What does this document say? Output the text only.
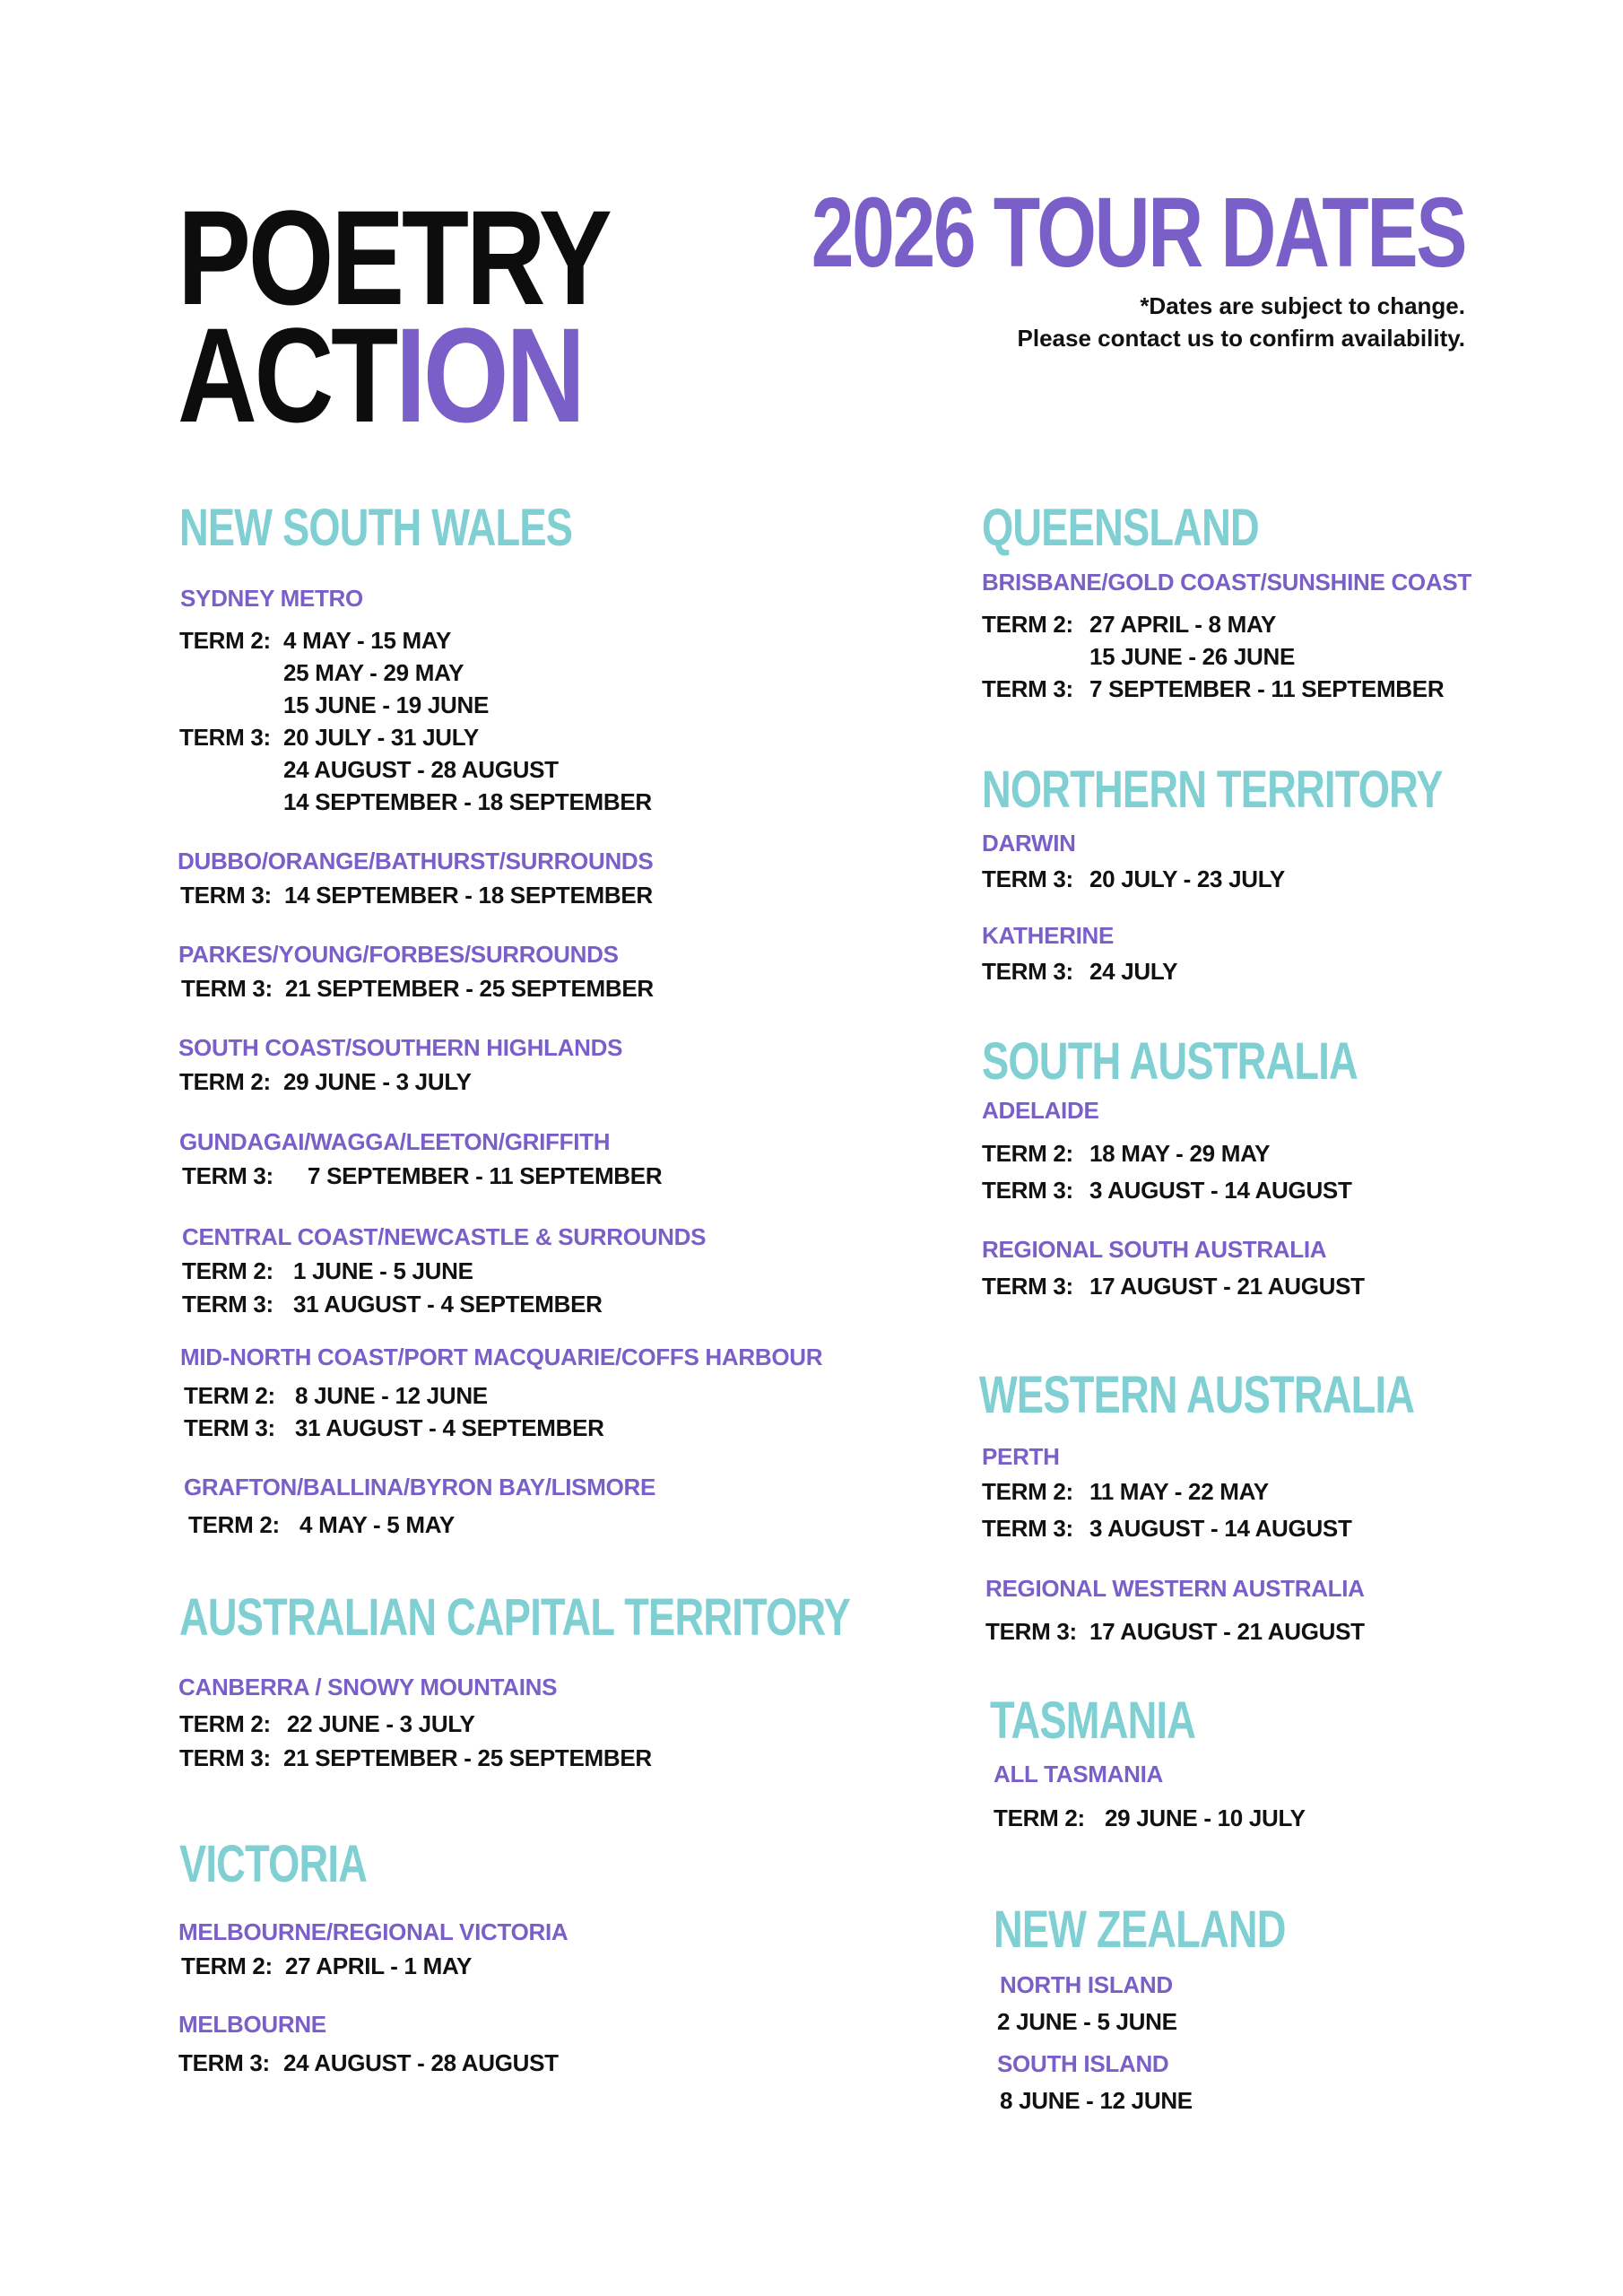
POETRY

ACTION

2026 TOUR DATES
*Dates are subject to change.
Please contact us to confirm availability.
NEW SOUTH WALES

SYDNEY METRO

TERM 2: 4 MAY - 15 MAY
25 MAY - 29 MAY
15 JUNE - 19 JUNE

TERM 3: 20 JULY - 31 JULY
24 AUGUST - 28 AUGUST
14 SEPTEMBER - 18 SEPTEMBER

DUBBO/ORANGE/BATHURST/SURROUNDS

TERM 3: 14 SEPTEMBER - 18 SEPTEMBER

PARKES/YOUNG/FORBES/SURROUNDS

TERM 3: 21 SEPTEMBER - 25 SEPTEMBER

SOUTH COAST/SOUTHERN HIGHLANDS

TERM 2: 29 JUNE - 3 JULY

GUNDAGAI/WAGGA/LEETON/GRIFFITH

TERM 3: 7 SEPTEMBER - 11 SEPTEMBER

CENTRAL COAST/NEWCASTLE & SURROUNDS

TERM 2: 1 JUNE - 5 JUNE

TERM 3: 31 AUGUST - 4 SEPTEMBER

MID-NORTH COAST/PORT MACQUARIE/COFFS HARBOUR

TERM 2: 8 JUNE - 12 JUNE

TERM 3: 31 AUGUST - 4 SEPTEMBER

GRAFTON/BALLINA/BYRON BAY/LISMORE

TERM 2: 4 MAY - 5 MAY

AUSTRALIAN CAPITAL TERRITORY

CANBERRA / SNOWY MOUNTAINS

TERM 2: 22 JUNE - 3 JULY

TERM 3: 21 SEPTEMBER - 25 SEPTEMBER

VICTORIA

MELBOURNE/REGIONAL VICTORIA

TERM 2: 27 APRIL - 1 MAY

MELBOURNE

TERM 3: 24 AUGUST - 28 AUGUST

QUEENSLAND

BRISBANE/GOLD COAST/SUNSHINE COAST

TERM 2: 27 APRIL - 8 MAY

15 JUNE - 26 JUNE

TERM 3: 7 SEPTEMBER - 11 SEPTEMBER

NORTHERN TERRITORY

DARWIN

TERM 3: 20 JULY - 23 JULY

KATHERINE

TERM 3: 24 JULY

SOUTH AUSTRALIA

ADELAIDE

TERM 2: 18 MAY - 29 MAY

TERM 3: 3 AUGUST - 14 AUGUST

REGIONAL SOUTH AUSTRALIA

TERM 3: 17 AUGUST - 21 AUGUST

WESTERN AUSTRALIA

PERTH

TERM 2: 11 MAY - 22 MAY

TERM 3: 3 AUGUST - 14 AUGUST

REGIONAL WESTERN AUSTRALIA

TERM 3: 17 AUGUST - 21 AUGUST

TASMANIA

ALL TASMANIA

TERM 2: 29 JUNE - 10 JULY

NEW ZEALAND

NORTH ISLAND

2 JUNE - 5 JUNE

SOUTH ISLAND

8 JUNE - 12 JUNE
